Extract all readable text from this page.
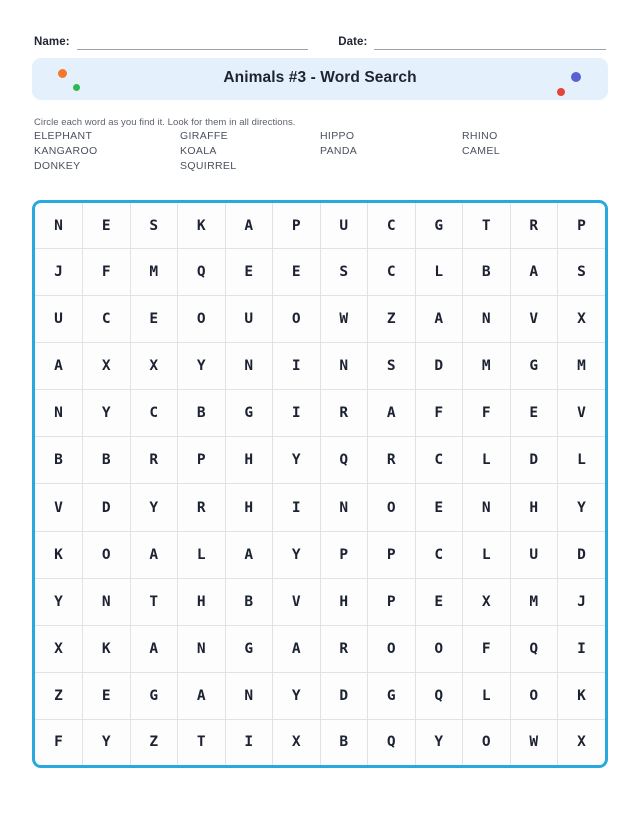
Name:	Date:
Animals #3 - Word Search
Circle each word as you find it. Look for them in all directions.
ELEPHANT	GIRAFFE	HIPPO	RHINO
KANGAROO	KOALA	PANDA	CAMEL
DONKEY	SQUIRREL
N	E	S	K	A	P	U	C	G	T	R	P
J	F	M	Q	E	E	S	C	L	B	A	S
U	C	E	O	U	O	W	Z	A	N	V	X
A	X	X	Y	N	I	N	S	D	M	G	M
N	Y	C	B	G	I	R	A	F	F	E	V
B	B	R	P	H	Y	Q	R	C	L	D	L
V	D	Y	R	H	I	N	O	E	N	H	Y
K	O	A	L	A	Y	P	P	C	L	U	D
Y	N	T	H	B	V	H	P	E	X	M	J
X	K	A	N	G	A	R	O	O	F	Q	I
Z	E	G	A	N	Y	D	G	Q	L	O	K
F	Y	Z	T	I	X	B	Q	Y	O	W	X
